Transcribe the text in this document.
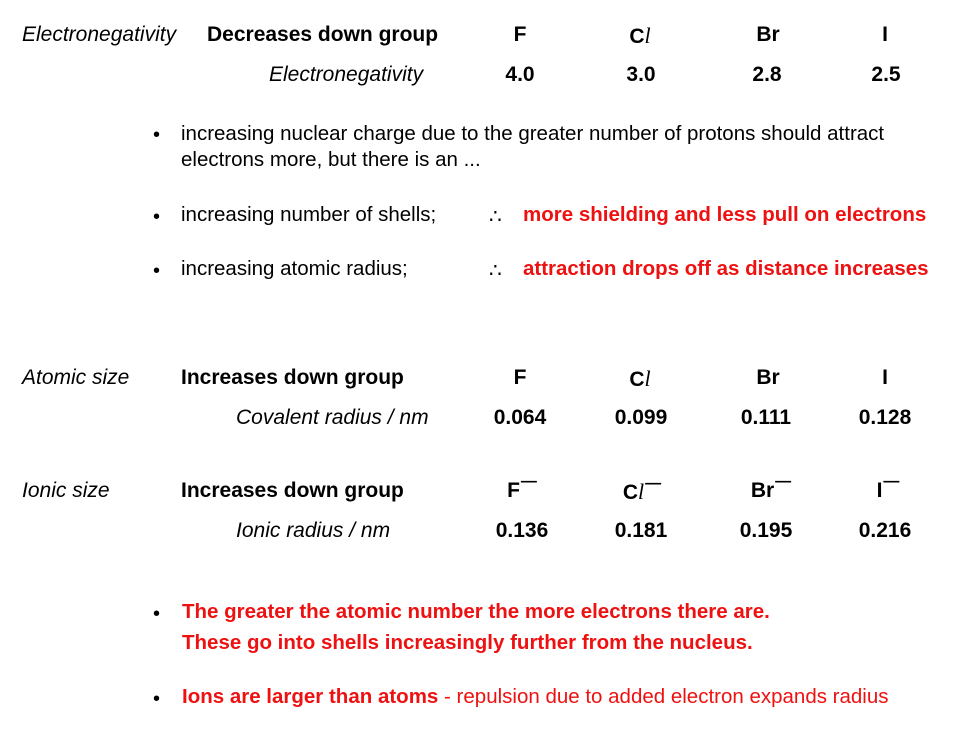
Electronegativity Decreases down group	F	Cl	Br	I
Electronegativity	4.0	3.0	2.8	2.5
• increasing nuclear charge due to the greater number of protons should attract
electrons more, but there is an ...
• increasing number of shells;	∴ more shielding and less pull on electrons
• increasing atomic radius;	∴ attraction drops off as distance increases
Atomic size Increases down group	F	Cl	Br	I
Covalent radius / nm	0.064	0.099	0.111	0.128
Ionic size	Increases down group	F—	Cl—	Br—	I—
Ionic radius / nm	0.136	0.181	0.195	0.216
• The greater the atomic number the more electrons there are.
These go into shells increasingly further from the nucleus.
• Ions are larger than atoms - repulsion due to added electron expands radius
